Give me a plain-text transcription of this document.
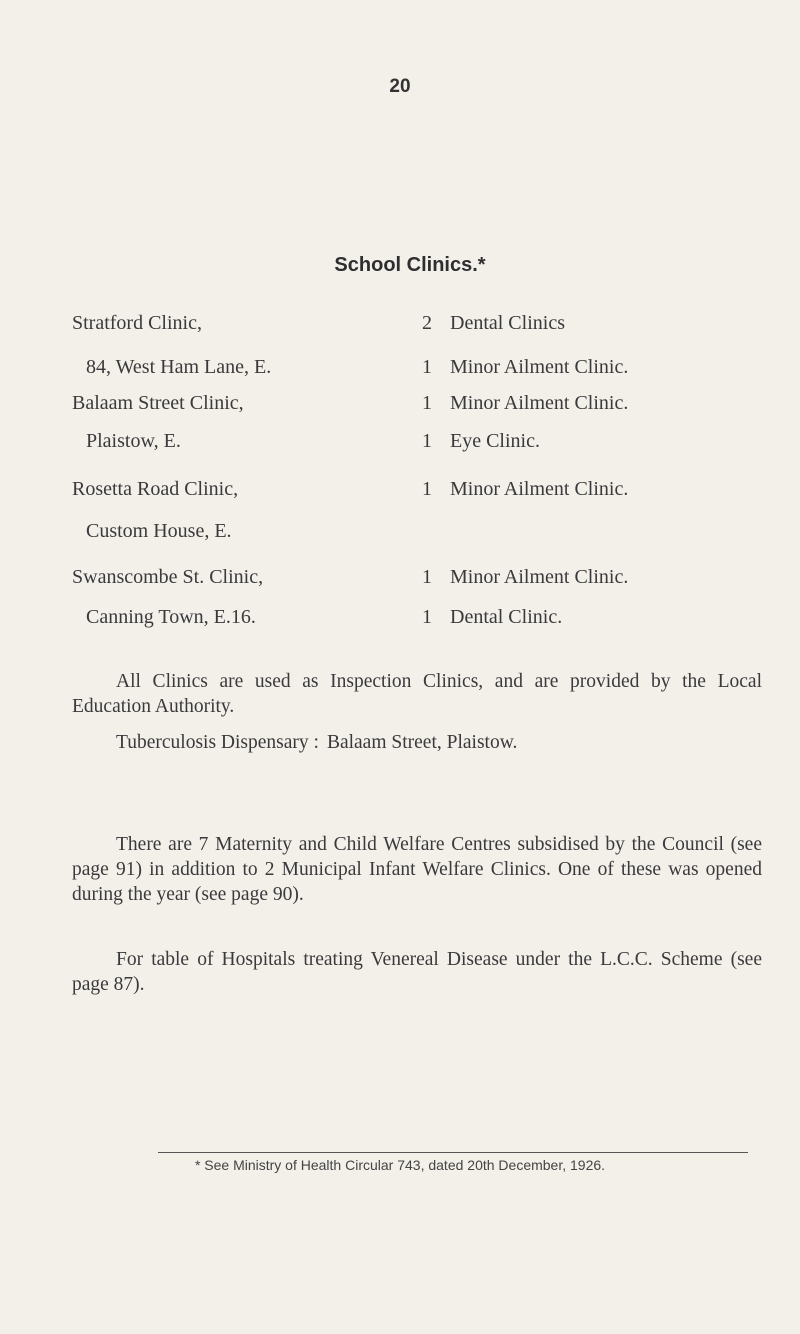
20
School Clinics.*
Stratford Clinic,	2 Dental Clinics
84, West Ham Lane, E.	1 Minor Ailment Clinic.
Balaam Street Clinic,	1 Minor Ailment Clinic.
Plaistow, E.	1 Eye Clinic.
Rosetta Road Clinic,	1 Minor Ailment Clinic.
Custom House, E.
Swanscombe St. Clinic,	1 Minor Ailment Clinic.
Canning Town, E.16.	1 Dental Clinic.

All Clinics are used as Inspection Clinics, and are provided by the Local Education Authority.

Tuberculosis Dispensary : Balaam Street, Plaistow.

There are 7 Maternity and Child Welfare Centres subsidised by the Council (see page 91) in addition to 2 Municipal Infant Welfare Clinics. One of these was opened during the year (see page 90).

For table of Hospitals treating Venereal Disease under the L.C.C. Scheme (see page 87).

* See Ministry of Health Circular 743, dated 20th December, 1926.
